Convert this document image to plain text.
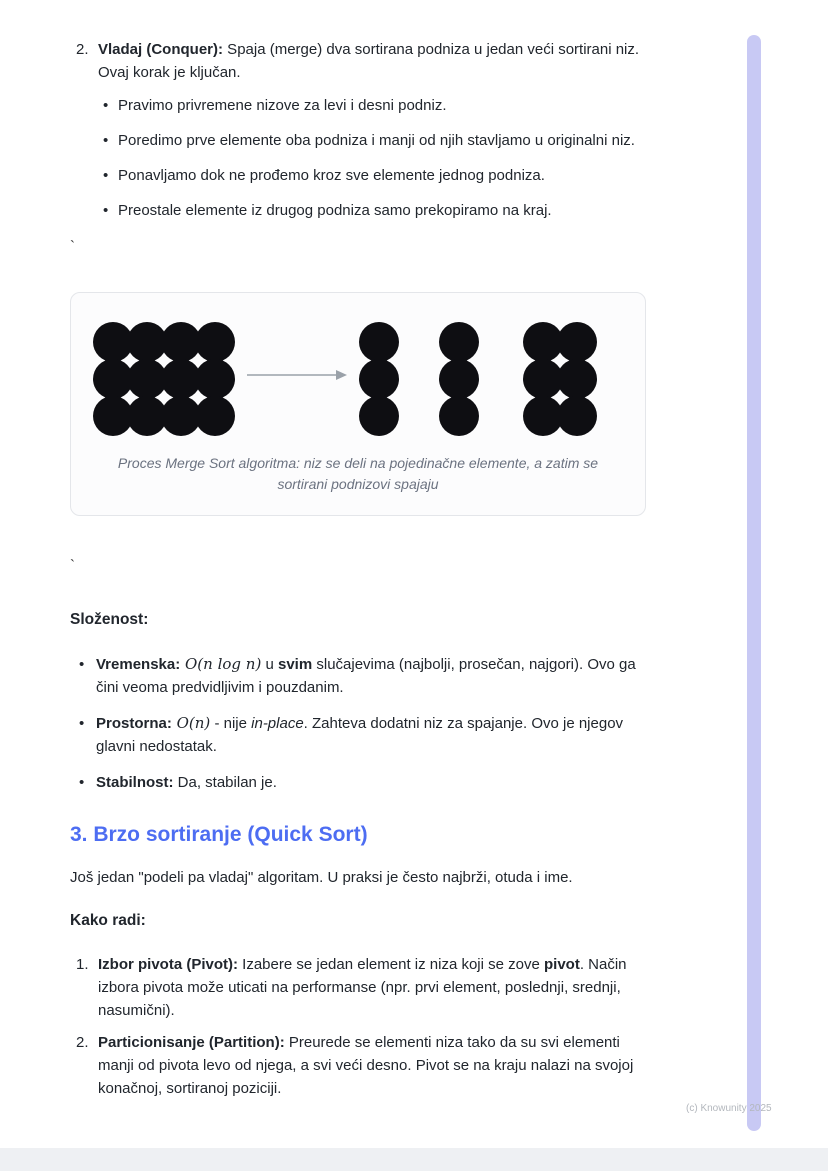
2. Vladaj (Conquer): Spaja (merge) dva sortirana podniza u jedan veći sortirani niz. Ovaj korak je ključan.
• Pravimo privremene nizove za levi i desni podniz.
• Poredimo prve elemente oba podniza i manji od njih stavljamo u originalni niz.
• Ponavljamo dok ne prođemo kroz sve elemente jednog podniza.
• Preostale elemente iz drugog podniza samo prekopiramo na kraj.
`
Proces Merge Sort algoritma: niz se deli na pojedinačne elemente, a zatim se sortirani podnizovi spajaju
`
Složenost:
• Vremenska: O(n log n) u svim slučajevima (najbolji, prosečan, najgori). Ovo ga čini veoma predvidljivim i pouzdanim.
• Prostorna: O(n) - nije in-place. Zahteva dodatni niz za spajanje. Ovo je njegov glavni nedostatak.
• Stabilnost: Da, stabilan je.
3. Brzo sortiranje (Quick Sort)
Još jedan "podeli pa vladaj" algoritam. U praksi je često najbrži, otuda i ime.
Kako radi:
1. Izbor pivota (Pivot): Izabere se jedan element iz niza koji se zove pivot. Način izbora pivota može uticati na performanse (npr. prvi element, poslednji, srednji, nasumični).
2. Particionisanje (Partition): Preurede se elementi niza tako da su svi elementi manji od pivota levo od njega, a svi veći desno. Pivot se na kraju nalazi na svojoj konačnoj, sortiranoj poziciji.
(c) Knowunity 2025
